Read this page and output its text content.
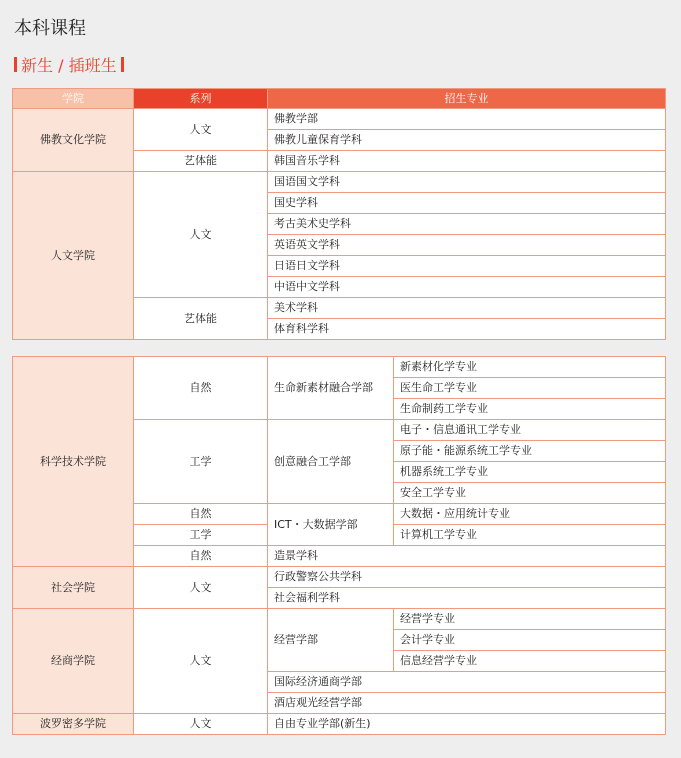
本科课程
新生 / 插班生
学院	系列	招生专业
佛教文化学院	人文	佛教学部
		佛教儿童保育学科
	艺体能	韩国音乐学科
人文学院	人文	国语国文学科
		国史学科
		考古美术史学科
		英语英文学科
		日语日文学科
		中语中文学科
	艺体能	美术学科
		体育科学科
科学技术学院	自然	生命新素材融合学部	新素材化学专业
			医生命工学专业
			生命制药工学专业
	工学	创意融合工学部	电子・信息通讯工学专业
			原子能・能源系统工学专业
			机器系统工学专业
			安全工学专业
	自然	ICT・大数据学部	大数据・应用统计专业
	工学		计算机工学专业
	自然	造景学科	
社会学院	人文	行政警察公共学科	
		社会福利学科	
经商学院	人文	经营学部	经营学专业
			会计学专业
			信息经营学专业
		国际经济通商学部	
		酒店观光经营学部	
波罗密多学院	人文	自由专业学部(新生)	
